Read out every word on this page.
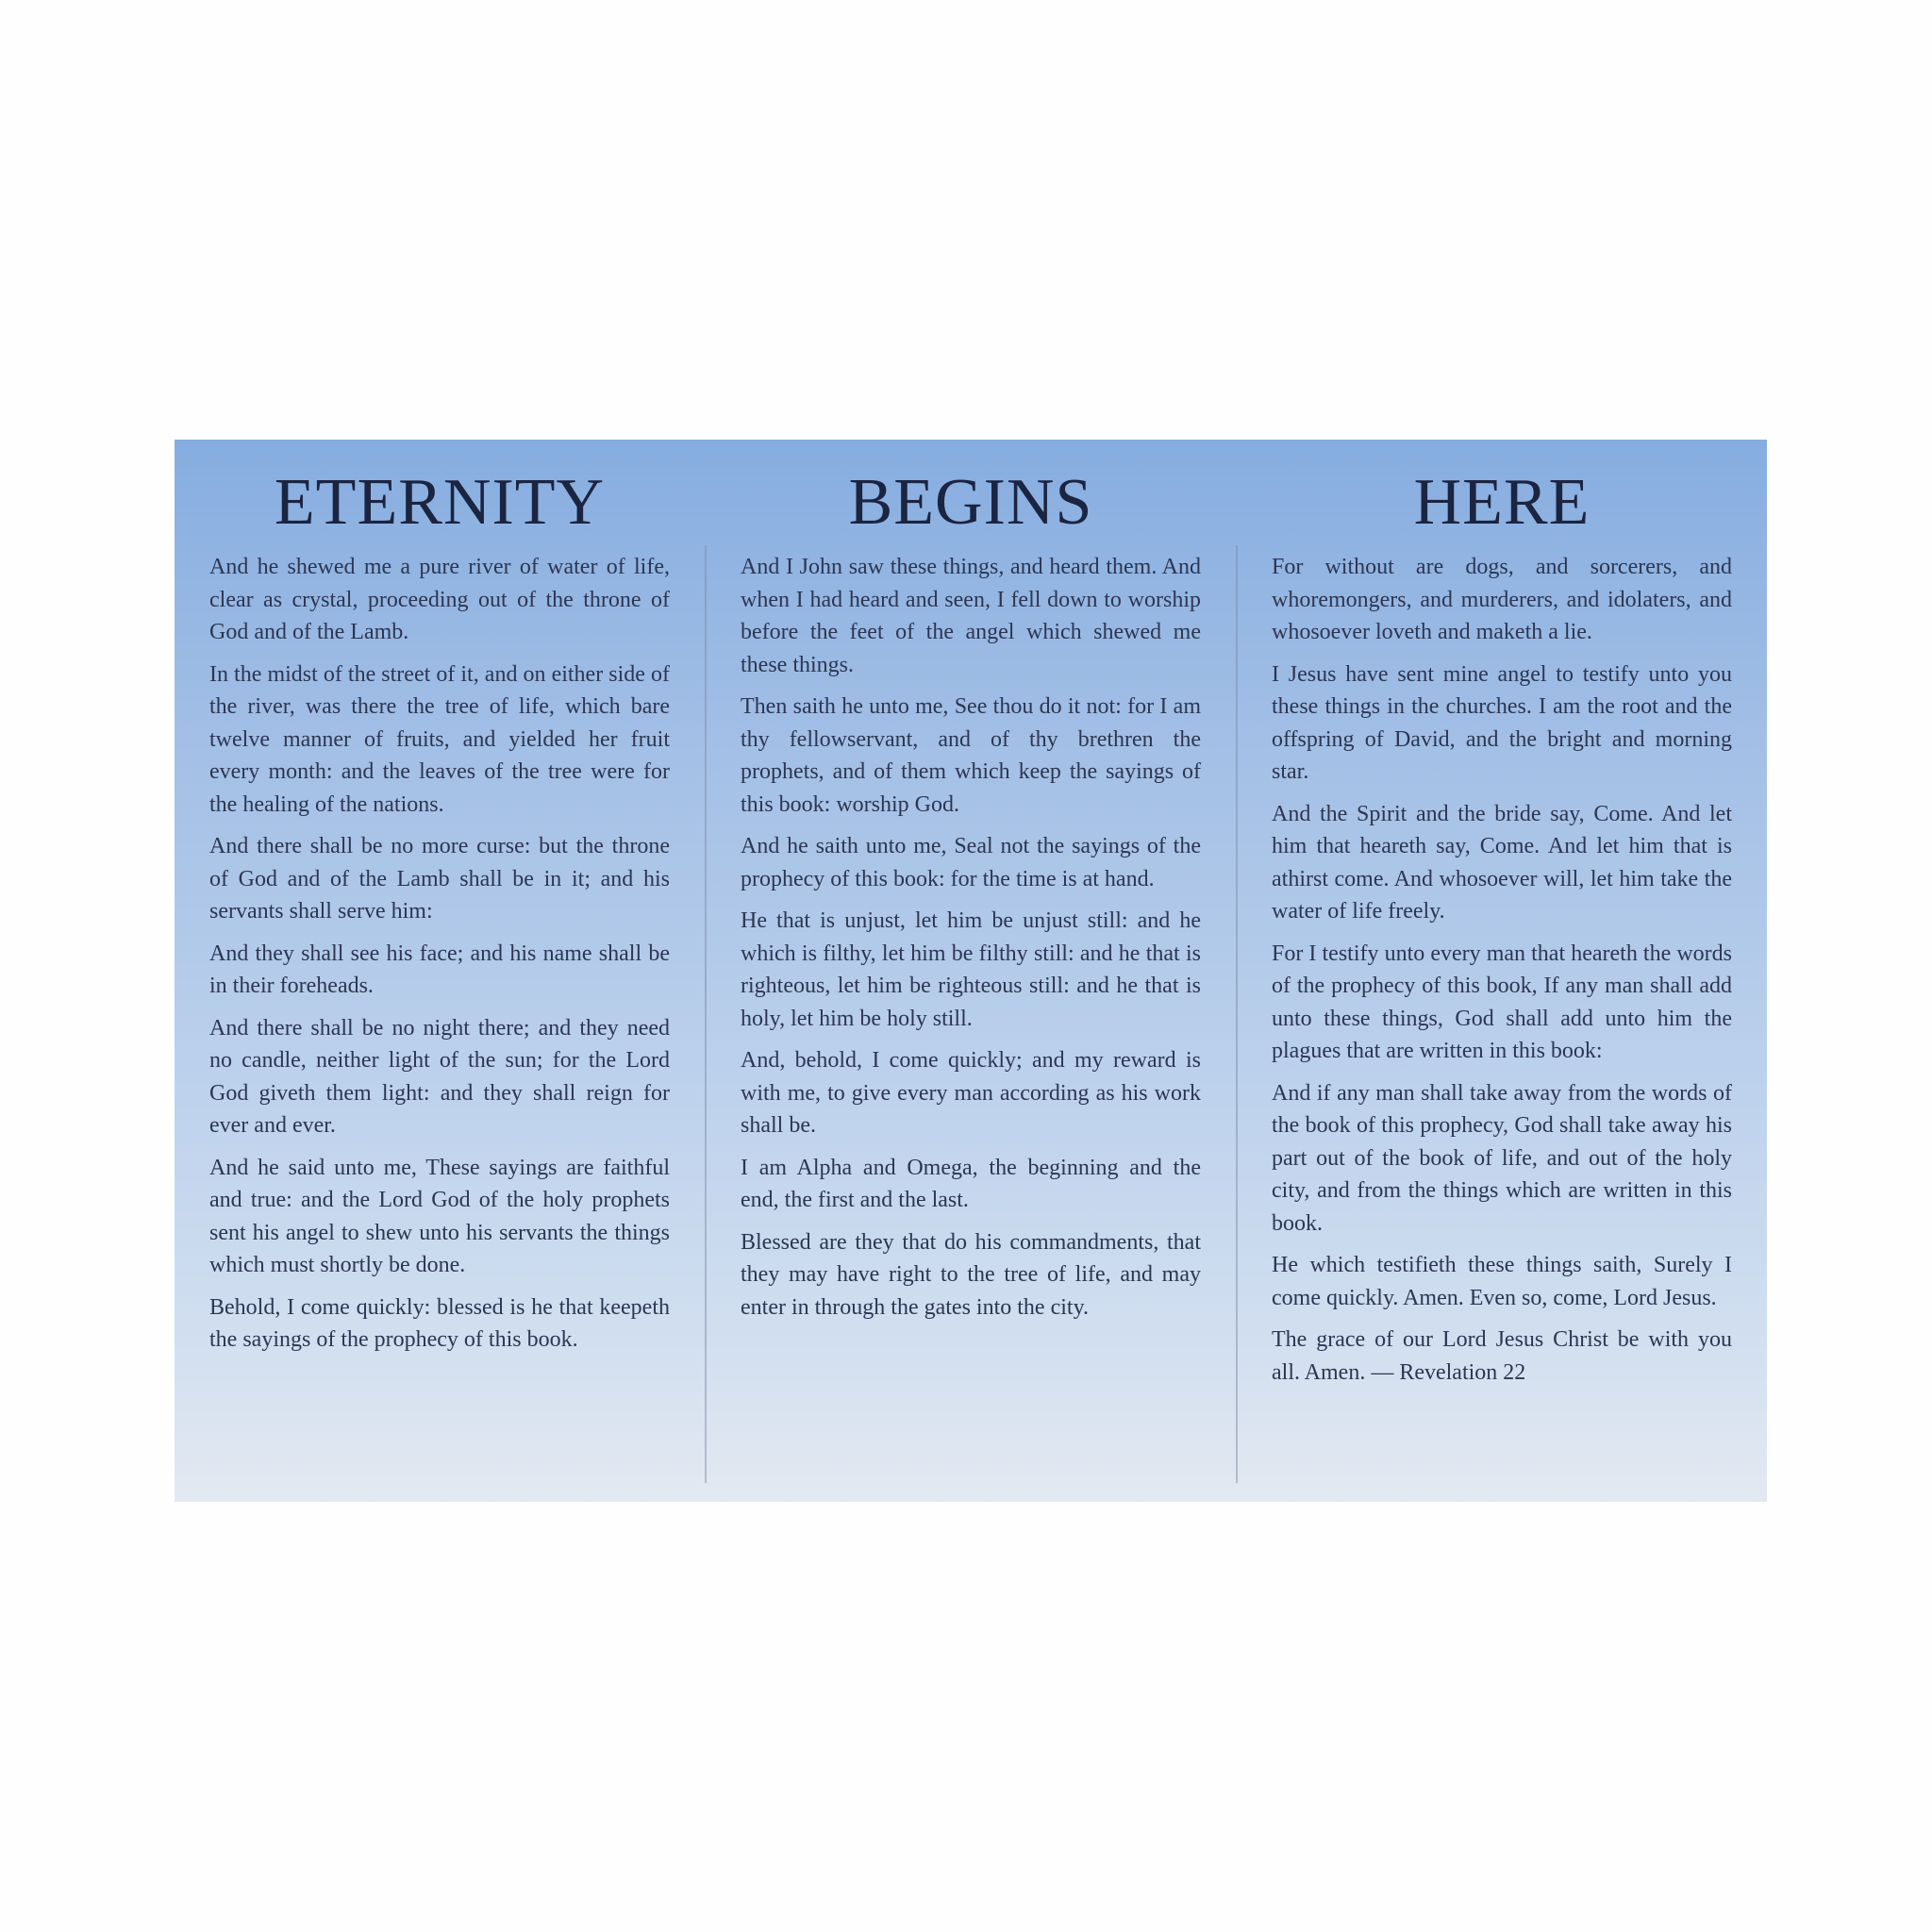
ETERNITY

And he shewed me a pure river of water of life, clear as crystal, proceeding out of the throne of God and of the Lamb.

In the midst of the street of it, and on either side of the river, was there the tree of life, which bare twelve manner of fruits, and yielded her fruit every month: and the leaves of the tree were for the healing of the nations.

And there shall be no more curse: but the throne of God and of the Lamb shall be in it; and his servants shall serve him:

And they shall see his face; and his name shall be in their foreheads.

And there shall be no night there; and they need no candle, neither light of the sun; for the Lord God giveth them light: and they shall reign for ever and ever.

And he said unto me, These sayings are faithful and true: and the Lord God of the holy prophets sent his angel to shew unto his servants the things which must shortly be done.

Behold, I come quickly: blessed is he that keepeth the sayings of the prophecy of this book.

BEGINS

And I John saw these things, and heard them. And when I had heard and seen, I fell down to worship before the feet of the angel which shewed me these things.

Then saith he unto me, See thou do it not: for I am thy fellowservant, and of thy brethren the prophets, and of them which keep the sayings of this book: worship God.

And he saith unto me, Seal not the sayings of the prophecy of this book: for the time is at hand.

He that is unjust, let him be unjust still: and he which is filthy, let him be filthy still: and he that is righteous, let him be righteous still: and he that is holy, let him be holy still.

And, behold, I come quickly; and my reward is with me, to give every man according as his work shall be.

I am Alpha and Omega, the beginning and the end, the first and the last.

Blessed are they that do his commandments, that they may have right to the tree of life, and may enter in through the gates into the city.

HERE

For without are dogs, and sorcerers, and whoremongers, and murderers, and idolaters, and whosoever loveth and maketh a lie.

I Jesus have sent mine angel to testify unto you these things in the churches. I am the root and the offspring of David, and the bright and morning star.

And the Spirit and the bride say, Come. And let him that heareth say, Come. And let him that is athirst come. And whosoever will, let him take the water of life freely.

For I testify unto every man that heareth the words of the prophecy of this book, If any man shall add unto these things, God shall add unto him the plagues that are written in this book:

And if any man shall take away from the words of the book of this prophecy, God shall take away his part out of the book of life, and out of the holy city, and from the things which are written in this book.

He which testifieth these things saith, Surely I come quickly. Amen. Even so, come, Lord Jesus.

The grace of our Lord Jesus Christ be with you all. Amen. — Revelation 22
